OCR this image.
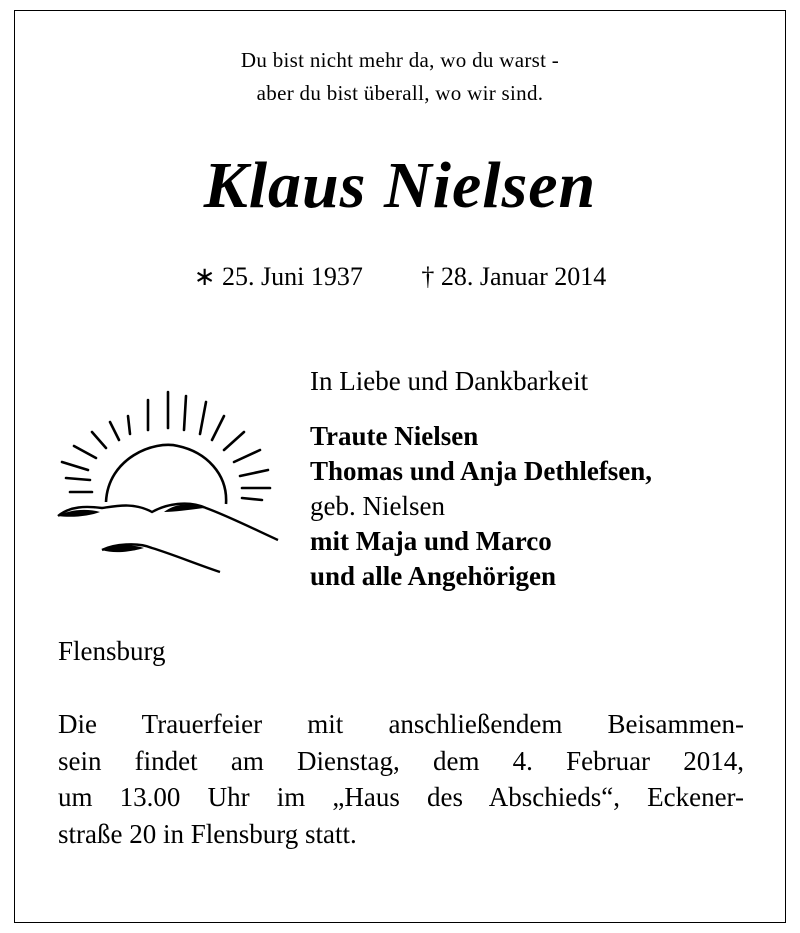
Du bist nicht mehr da, wo du warst -
aber du bist überall, wo wir sind.
Klaus Nielsen
∗ 25. Juni 1937 † 28. Januar 2014
In Liebe und Dankbarkeit
Traute Nielsen
Thomas und Anja Dethlefsen,
geb. Nielsen
mit Maja und Marco
und alle Angehörigen
Flensburg
Die Trauerfeier mit anschließendem Beisammen-
sein findet am Dienstag, dem 4. Februar 2014,
um 13.00 Uhr im „Haus des Abschieds“, Eckener-
straße 20 in Flensburg statt.
